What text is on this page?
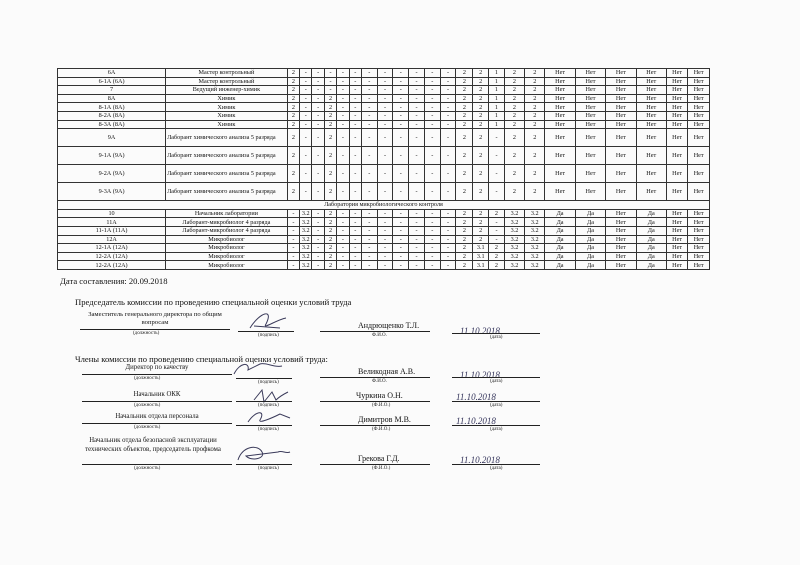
6А	Мастер контрольный	2	-	-	-	-	-	-	-	-	-	-	-	2	2	1	2	2	Нет	Нет	Нет	Нет	Нет	Нет
6-1А (6А)	Мастер контрольный	2	-	-	-	-	-	-	-	-	-	-	-	2	2	1	2	2	Нет	Нет	Нет	Нет	Нет	Нет
7	Ведущий инженер-химик	2	-	-	-	-	-	-	-	-	-	-	-	2	2	1	2	2	Нет	Нет	Нет	Нет	Нет	Нет
8А	Химик	2	-	-	2	-	-	-	-	-	-	-	-	2	2	1	2	2	Нет	Нет	Нет	Нет	Нет	Нет
8-1А (8А)	Химик	2	-	-	2	-	-	-	-	-	-	-	-	2	2	1	2	2	Нет	Нет	Нет	Нет	Нет	Нет
8-2А (8А)	Химик	2	-	-	2	-	-	-	-	-	-	-	-	2	2	1	2	2	Нет	Нет	Нет	Нет	Нет	Нет
8-3А (8А)	Химик	2	-	-	2	-	-	-	-	-	-	-	-	2	2	1	2	2	Нет	Нет	Нет	Нет	Нет	Нет
9А	Лаборант химического анализа 5 разряда	2	-	-	2	-	-	-	-	-	-	-	-	2	2	-	2	2	Нет	Нет	Нет	Нет	Нет	Нет
9-1А (9А)	Лаборант химического анализа 5 разряда	2	-	-	2	-	-	-	-	-	-	-	-	2	2	-	2	2	Нет	Нет	Нет	Нет	Нет	Нет
9-2А (9А)	Лаборант химического анализа 5 разряда	2	-	-	2	-	-	-	-	-	-	-	-	2	2	-	2	2	Нет	Нет	Нет	Нет	Нет	Нет
9-3А (9А)	Лаборант химического анализа 5 разряда	2	-	-	2	-	-	-	-	-	-	-	-	2	2	-	2	2	Нет	Нет	Нет	Нет	Нет	Нет
Лаборатория микробиологического контроля																								
10	Начальник лаборатории	-	3.2	-	2	-	-	-	-	-	-	-	-	2	2	2	3.2	3.2	Да	Да	Нет	Да	Нет	Нет
11А	Лаборант-микробиолог 4 разряда	-	3.2	-	2	-	-	-	-	-	-	-	-	2	2	-	3.2	3.2	Да	Да	Нет	Да	Нет	Нет
11-1А (11А)	Лаборант-микробиолог 4 разряда	-	3.2	-	2	-	-	-	-	-	-	-	-	2	2	-	3.2	3.2	Да	Да	Нет	Да	Нет	Нет
12А	Микробиолог	-	3.2	-	2	-	-	-	-	-	-	-	-	2	2	-	3.2	3.2	Да	Да	Нет	Да	Нет	Нет
12-1А (12А)	Микробиолог	-	3.2	-	2	-	-	-	-	-	-	-	-	2	3.1	2	3.2	3.2	Да	Да	Нет	Да	Нет	Нет
12-2А (12А)	Микробиолог	-	3.2	-	2	-	-	-	-	-	-	-	-	2	3.1	2	3.2	3.2	Да	Да	Нет	Да	Нет	Нет
12-2А (12А)	Микробиолог	-	3.2	-	2	-	-	-	-	-	-	-	-	2	3.1	2	3.2	3.2	Да	Да	Нет	Да	Нет	Нет
Дата составления: 20.09.2018
Председатель комиссии по проведению специальной оценки условий труда
Заместитель генерального директора по общим вопросам
(должность)	(подпись)
Андрющенко Т.Л.
Ф.И.О.	11.10.2018
(дата)
Члены комиссии по проведению специальной оценки условий труда:
Директор по качеству
(должность)
(подпись)
Великодная А.В.
Ф.И.О.
11.10.2018
(дата)
Начальник ОКК
(должность)	(подпись)
Чуркина О.Н.
(Ф.И.О.)
11.10.2018
(дата)
Начальник отдела персонала
(должность)	(подпись)
Димитров М.В.
(Ф.И.О.)
11.10.2018
(дата)
Начальник отдела безопасной эксплуатации технических объектов, председатель профкома
(должность)	(подпись)
Грекова Г.Д.
(Ф.И.О.)
11.10.2018
(дата)
